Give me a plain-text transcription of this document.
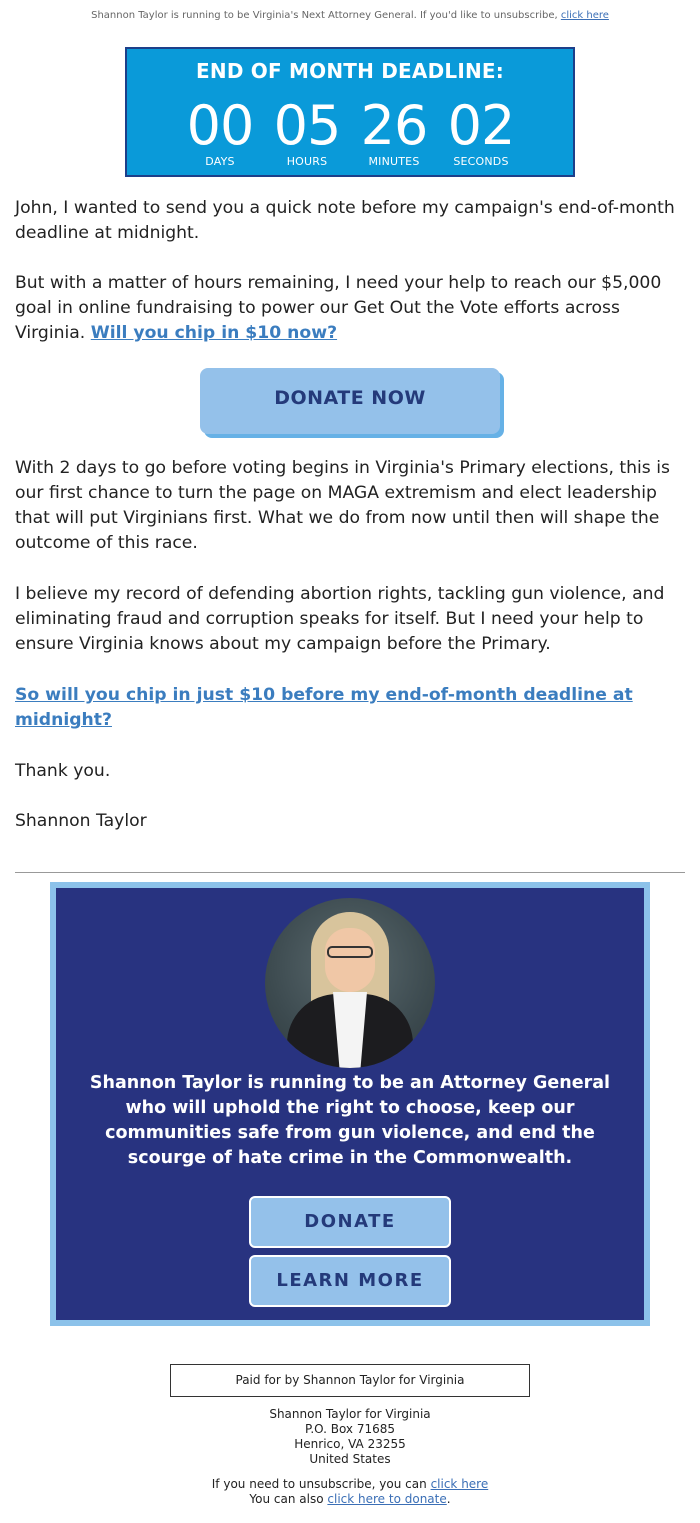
Shannon Taylor is running to be Virginia's Next Attorney General. If you'd like to unsubscribe, click here
END OF MONTH DEADLINE:
00
DAYS
05
HOURS
26
MINUTES
02
SECONDS

John, I wanted to send you a quick note before my campaign's end-of-month deadline at midnight.

But with a matter of hours remaining, I need your help to reach our $5,000 goal in online fundraising to power our Get Out the Vote efforts across Virginia. Will you chip in $10 now?

DONATE NOW

With 2 days to go before voting begins in Virginia's Primary elections, this is our first chance to turn the page on MAGA extremism and elect leadership that will put Virginians first. What we do from now until then will shape the outcome of this race.

I believe my record of defending abortion rights, tackling gun violence, and eliminating fraud and corruption speaks for itself. But I need your help to ensure Virginia knows about my campaign before the Primary.

So will you chip in just $10 before my end-of-month deadline at midnight?

Thank you.

Shannon Taylor

Shannon Taylor is running to be an Attorney General who will uphold the right to choose, keep our communities safe from gun violence, and end the scourge of hate crime in the Commonwealth.
DONATE
LEARN MORE
Paid for by Shannon Taylor for Virginia
Shannon Taylor for Virginia
P.O. Box 71685
Henrico, VA 23255
United States
If you need to unsubscribe, you can click here
You can also click here to donate.
